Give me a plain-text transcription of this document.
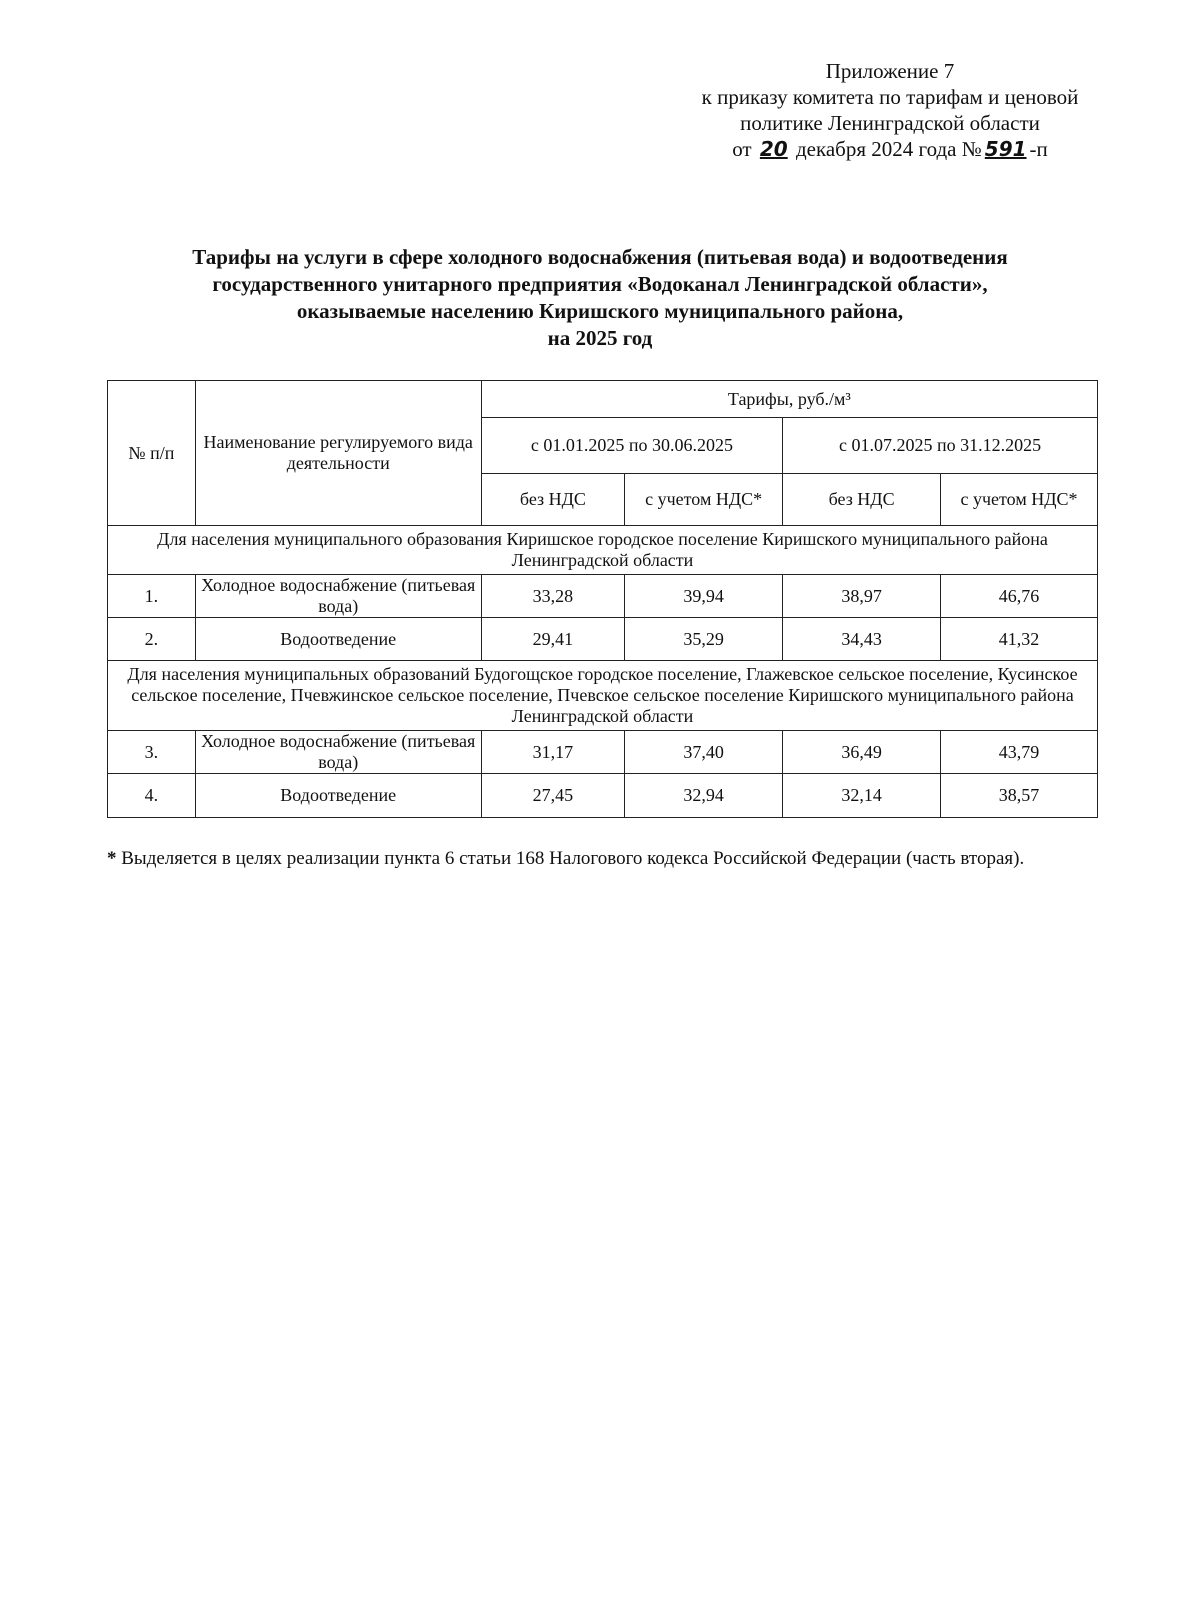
Приложение 7
к приказу комитета по тарифам и ценовой
политике Ленинградской области
от 20 декабря 2024 года № 591 -п
Тарифы на услуги в сфере холодного водоснабжения (питьевая вода) и водоотведения
государственного унитарного предприятия «Водоканал Ленинградской области»,
оказываемые населению Киришского муниципального района,
на 2025 год
№ п/п	Наименование регулируемого вида деятельности	Тарифы, руб./м³			
		с 01.01.2025 по 30.06.2025		с 01.07.2025 по 31.12.2025	
		без НДС	с учетом НДС*	без НДС	с учетом НДС*
Для населения муниципального образования Киришское городское поселение Киришского муниципального района Ленинградской области					
1.	Холодное водоснабжение (питьевая вода)	33,28	39,94	38,97	46,76
2.	Водоотведение	29,41	35,29	34,43	41,32
Для населения муниципальных образований Будогощское городское поселение, Глажевское сельское поселение, Кусинское сельское поселение, Пчевжинское сельское поселение, Пчевское сельское поселение Киришского муниципального района Ленинградской области					
3.	Холодное водоснабжение (питьевая вода)	31,17	37,40	36,49	43,79
4.	Водоотведение	27,45	32,94	32,14	38,57
* Выделяется в целях реализации пункта 6 статьи 168 Налогового кодекса Российской Федерации (часть вторая).
